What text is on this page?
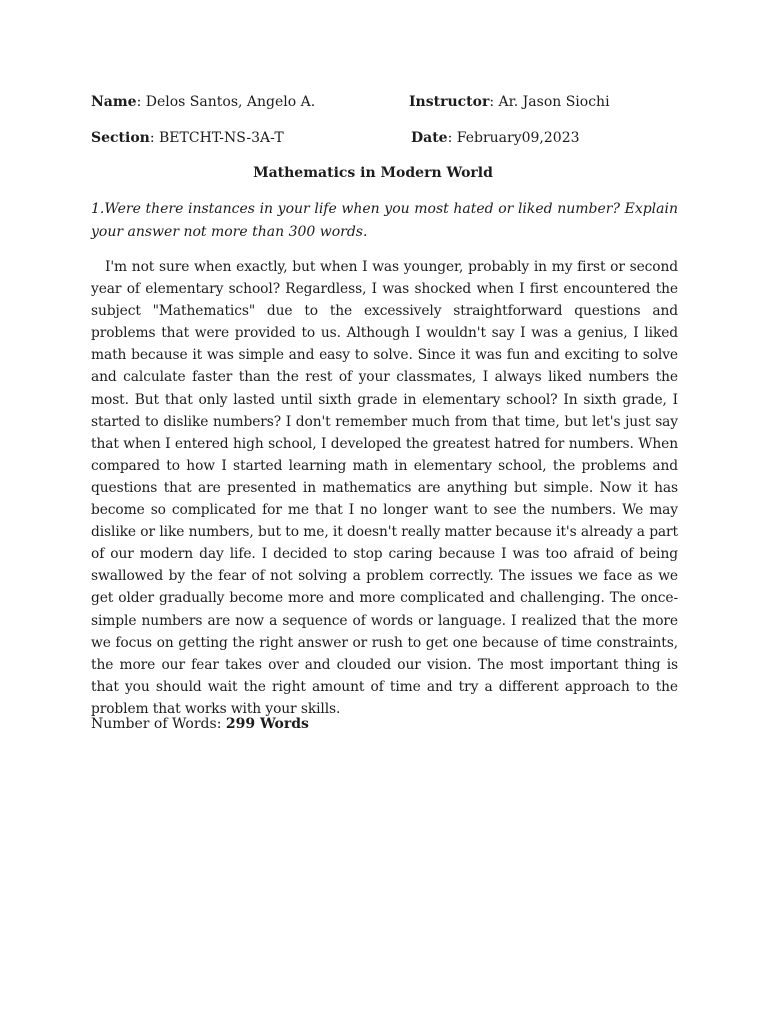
Name: Delos Santos, Angelo A.	Instructor: Ar. Jason Siochi
Section: BETCHT-NS-3A-T	Date: February09,2023
Mathematics in Modern World
1.Were there instances in your life when you most hated or liked number? Explain your answer not more than 300 words.
I'm not sure when exactly, but when I was younger, probably in my first or second year of elementary school? Regardless, I was shocked when I first encountered the subject "Mathematics" due to the excessively straightforward questions and problems that were provided to us. Although I wouldn't say I was a genius, I liked math because it was simple and easy to solve. Since it was fun and exciting to solve and calculate faster than the rest of your classmates, I always liked numbers the most. But that only lasted until sixth grade in elementary school? In sixth grade, I started to dislike numbers? I don't remember much from that time, but let's just say that when I entered high school, I developed the greatest hatred for numbers. When compared to how I started learning math in elementary school, the problems and questions that are presented in mathematics are anything but simple. Now it has become so complicated for me that I no longer want to see the numbers. We may dislike or like numbers, but to me, it doesn't really matter because it's already a part of our modern day life. I decided to stop caring because I was too afraid of being swallowed by the fear of not solving a problem correctly. The issues we face as we get older gradually become more and more complicated and challenging. The once-simple numbers are now a sequence of words or language. I realized that the more we focus on getting the right answer or rush to get one because of time constraints, the more our fear takes over and clouded our vision. The most important thing is that you should wait the right amount of time and try a different approach to the problem that works with your skills.
Number of Words: 299 Words
